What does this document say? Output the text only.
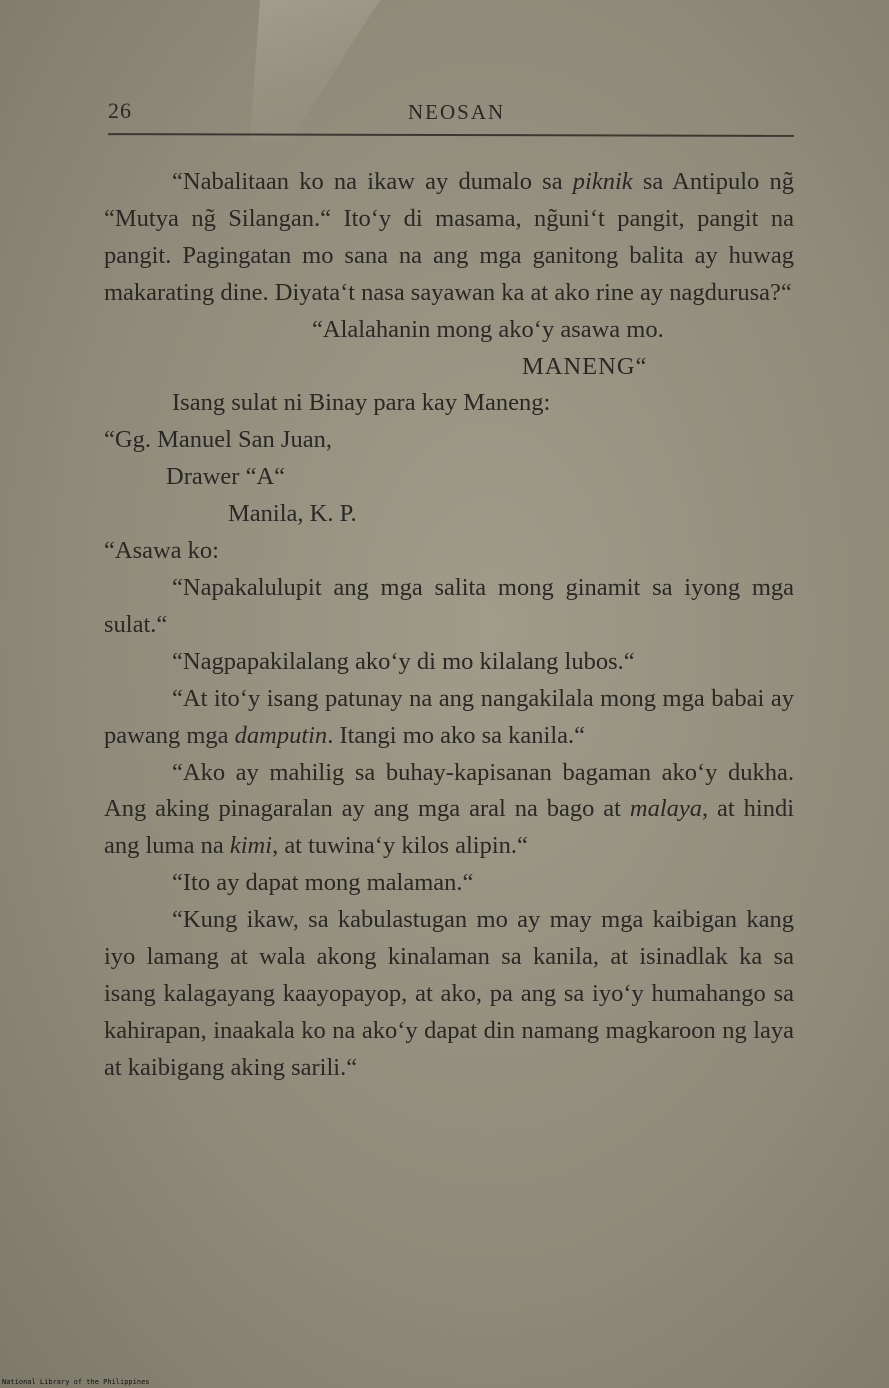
26	NEOSAN

“Nabalitaan ko na ikaw ay dumalo sa piknik sa Antipulo ng̃ “Mutya ng̃ Silangan.“ Ito‘y di masama, ng̃uni‘t pangit, pangit na pangit. Pagingatan mo sana na ang mga ganitong balita ay huwag makarating dine. Diyata‘t nasa sayawan ka at ako rine ay nagdurusa?“

“Alalahanin mong ako‘y asawa mo.

MANENG“

Isang sulat ni Binay para kay Maneng:

“Gg. Manuel San Juan,

Drawer “A“

Manila, K. P.

“Asawa ko:

“Napakalulupit ang mga salita mong ginamit sa iyong mga sulat.“

“Nagpapakilalang ako‘y di mo kilalang lubos.“

“At ito‘y isang patunay na ang nangakilala mong mga babai ay pawang mga damputin. Itangi mo ako sa kanila.“

“Ako ay mahilig sa buhay-kapisanan bagaman ako‘y dukha. Ang aking pinagaralan ay ang mga aral na bago at malaya, at hindi ang luma na kimi, at tuwina‘y kilos alipin.“

“Ito ay dapat mong malaman.“

“Kung ikaw, sa kabulastugan mo ay may mga kaibigan kang iyo lamang at wala akong kinalaman sa kanila, at isinadlak ka sa isang kalagayang kaayopayop, at ako, pa ang sa iyo‘y humahango sa kahirapan, inaakala ko na ako‘y dapat din namang magkaroon ng laya at kaibigang aking sarili.“

National Library of the Philippines
